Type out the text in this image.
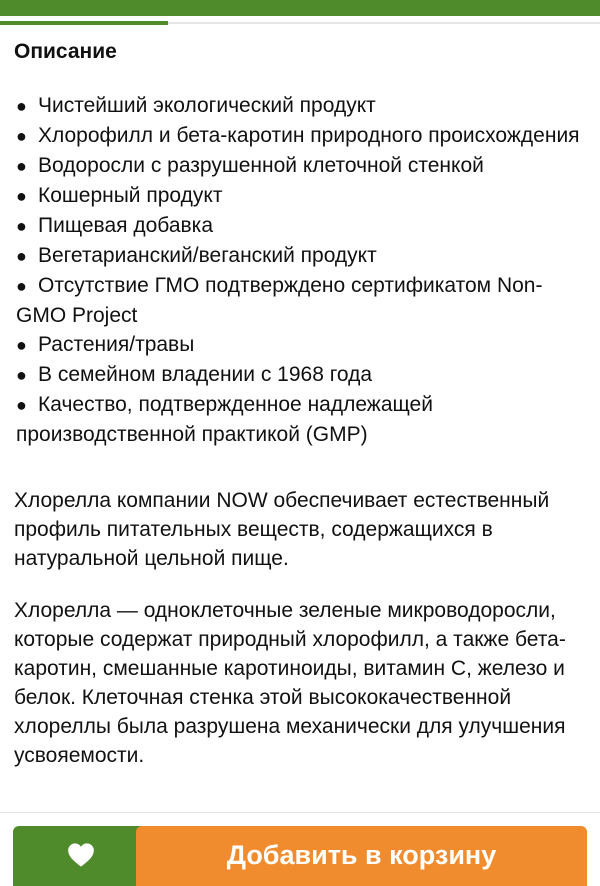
Описание
● Чистейший экологический продукт
● Хлорофилл и бета-каротин природного происхождения
● Водоросли с разрушенной клеточной стенкой
● Кошерный продукт
● Пищевая добавка
● Вегетарианский/веганский продукт
● Отсутствие ГМО подтверждено сертификатом Non-GMO Project
● Растения/травы
● В семейном владении с 1968 года
● Качество, подтвержденное надлежащей производственной практикой (GMP)

Хлорелла компании NOW обеспечивает естественный профиль питательных веществ, содержащихся в натуральной цельной пище.

Хлорелла — одноклеточные зеленые микроводоросли, которые содержат природный хлорофилл, а также бета-каротин, смешанные каротиноиды, витамин С, железо и белок. Клеточная стенка этой высококачественной хлореллы была разрушена механически для улучшения усвояемости.

Добавить в корзину
